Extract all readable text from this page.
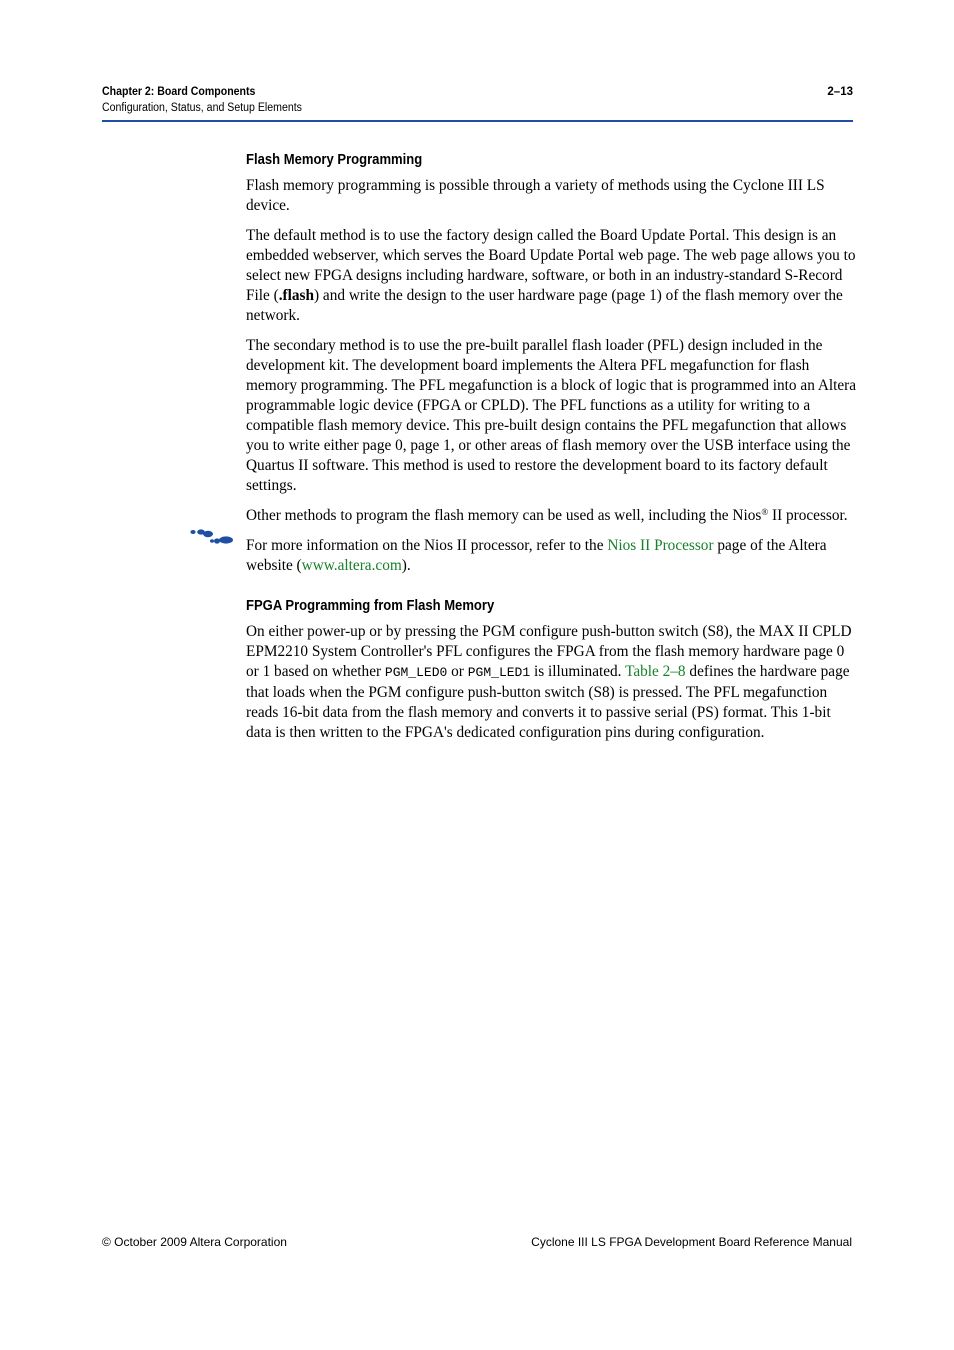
Chapter 2: Board Components
Configuration, Status, and Setup Elements
2–13
Flash Memory Programming

Flash memory programming is possible through a variety of methods using the Cyclone III LS device.

The default method is to use the factory design called the Board Update Portal. This design is an embedded webserver, which serves the Board Update Portal web page. The web page allows you to select new FPGA designs including hardware, software, or both in an industry-standard S-Record File (.flash) and write the design to the user hardware page (page 1) of the flash memory over the network.

The secondary method is to use the pre-built parallel flash loader (PFL) design included in the development kit. The development board implements the Altera PFL megafunction for flash memory programming. The PFL megafunction is a block of logic that is programmed into an Altera programmable logic device (FPGA or CPLD). The PFL functions as a utility for writing to a compatible flash memory device. This pre-built design contains the PFL megafunction that allows you to write either page 0, page 1, or other areas of flash memory over the USB interface using the Quartus II software. This method is used to restore the development board to its factory default settings.

Other methods to program the flash memory can be used as well, including the Nios® II processor.

For more information on the Nios II processor, refer to the Nios II Processor page of the Altera website (www.altera.com).
FPGA Programming from Flash Memory

On either power-up or by pressing the PGM configure push-button switch (S8), the MAX II CPLD EPM2210 System Controller's PFL configures the FPGA from the flash memory hardware page 0 or 1 based on whether PGM_LED0 or PGM_LED1 is illuminated. Table 2–8 defines the hardware page that loads when the PGM configure push-button switch (S8) is pressed. The PFL megafunction reads 16-bit data from the flash memory and converts it to passive serial (PS) format. This 1-bit data is then written to the FPGA's dedicated configuration pins during configuration.

© October 2009 Altera Corporation	Cyclone III LS FPGA Development Board Reference Manual
